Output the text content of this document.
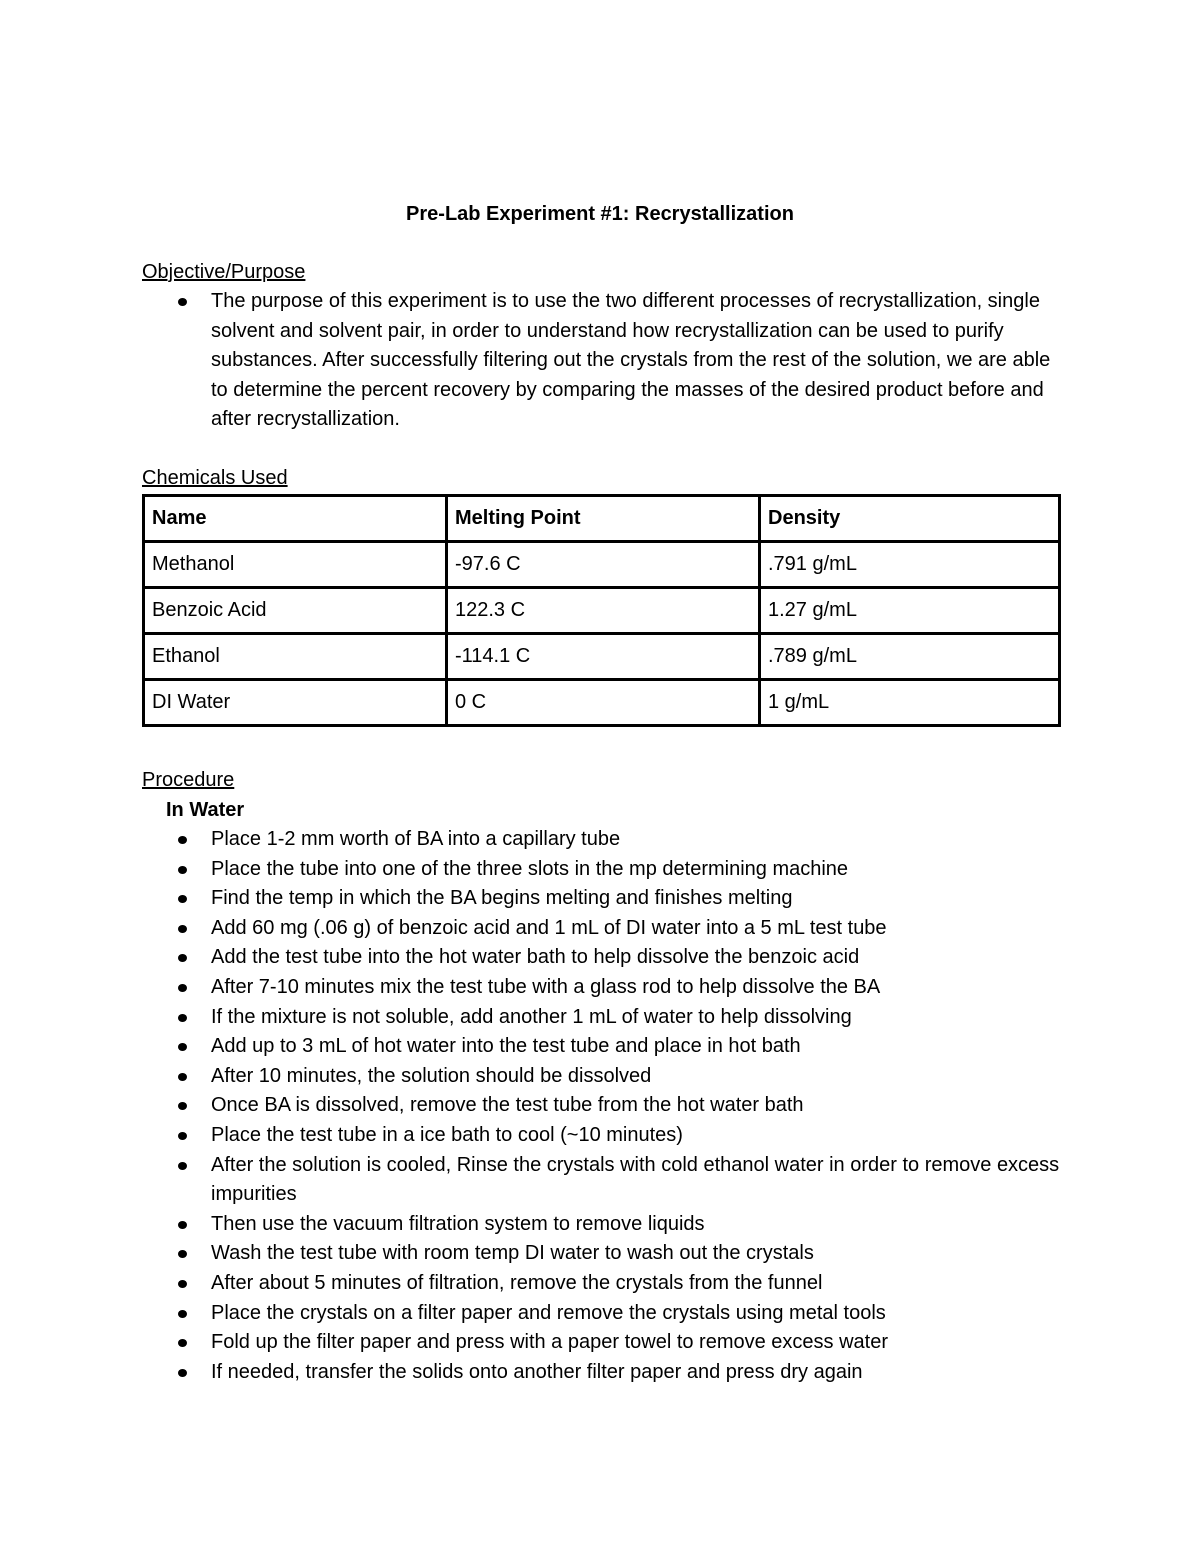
Pre-Lab Experiment #1: Recrystallization
Objective/Purpose
The purpose of this experiment is to use the two different processes of recrystallization, single solvent and solvent pair, in order to understand how recrystallization can be used to purify substances. After successfully filtering out the crystals from the rest of the solution, we are able to determine the percent recovery by comparing the masses of the desired product before and after recrystallization.
Chemicals Used
Name	Melting Point	Density
Methanol	-97.6 C	.791 g/mL
Benzoic Acid	122.3 C	1.27 g/mL
Ethanol	-114.1 C	.789 g/mL
DI Water	0 C	1 g/mL
Procedure
In Water
Place 1-2 mm worth of BA into a capillary tube
Place the tube into one of the three slots in the mp determining machine
Find the temp in which the BA begins melting and finishes melting
Add 60 mg (.06 g) of benzoic acid and 1 mL of DI water into a 5 mL test tube
Add the test tube into the hot water bath to help dissolve the benzoic acid
After 7-10 minutes mix the test tube with a glass rod to help dissolve the BA
If the mixture is not soluble, add another 1 mL of water to help dissolving
Add up to 3 mL of hot water into the test tube and place in hot bath
After 10 minutes, the solution should be dissolved
Once BA is dissolved, remove the test tube from the hot water bath
Place the test tube in a ice bath to cool (~10 minutes)
After the solution is cooled, Rinse the crystals with cold ethanol water in order to remove excess impurities
Then use the vacuum filtration system to remove liquids
Wash the test tube with room temp DI water to wash out the crystals
After about 5 minutes of filtration, remove the crystals from the funnel
Place the crystals on a filter paper and remove the crystals using metal tools
Fold up the filter paper and press with a paper towel to remove excess water
If needed, transfer the solids onto another filter paper and press dry again
